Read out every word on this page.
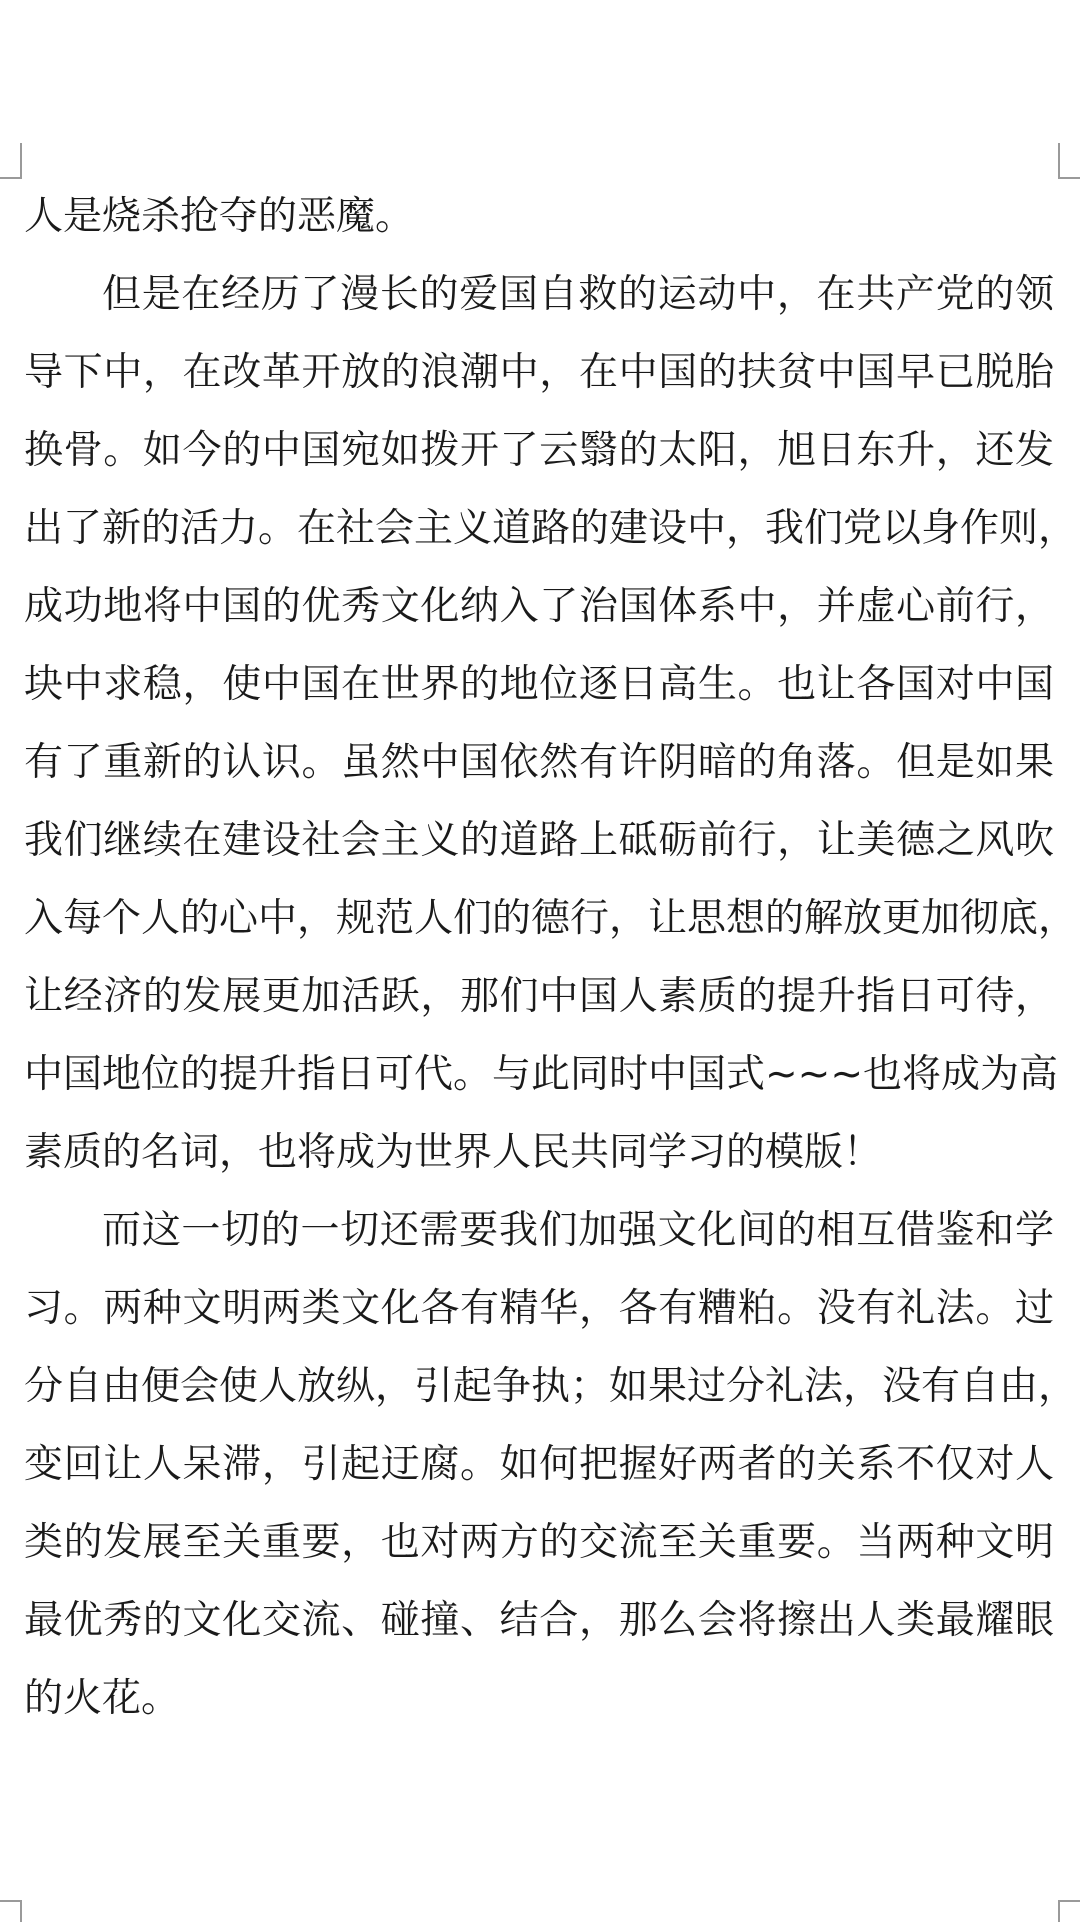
人是烧杀抢夺的恶魔。
但是在经历了漫长的爱国自救的运动中，在共产党的领
导下中，在改革开放的浪潮中，在中国的扶贫中国早已脱胎
换骨。如今的中国宛如拨开了云翳的太阳，旭日东升，还发
出了新的活力。在社会主义道路的建设中，我们党以身作则，
成功地将中国的优秀文化纳入了治国体系中，并虚心前行，
块中求稳，使中国在世界的地位逐日高生。也让各国对中国
有了重新的认识。虽然中国依然有许阴暗的角落。但是如果
我们继续在建设社会主义的道路上砥砺前行，让美德之风吹
入每个人的心中，规范人们的德行，让思想的解放更加彻底，
让经济的发展更加活跃，那们中国人素质的提升指日可待，
中国地位的提升指日可代。与此同时中国式~~~也将成为高
素质的名词，也将成为世界人民共同学习的模版！
而这一切的一切还需要我们加强文化间的相互借鉴和学
习。两种文明两类文化各有精华，各有糟粕。没有礼法。过
分自由便会使人放纵，引起争执；如果过分礼法，没有自由，
变回让人呆滞，引起迂腐。如何把握好两者的关系不仅对人
类的发展至关重要，也对两方的交流至关重要。当两种文明
最优秀的文化交流、碰撞、结合，那么会将擦出人类最耀眼
的火花。
